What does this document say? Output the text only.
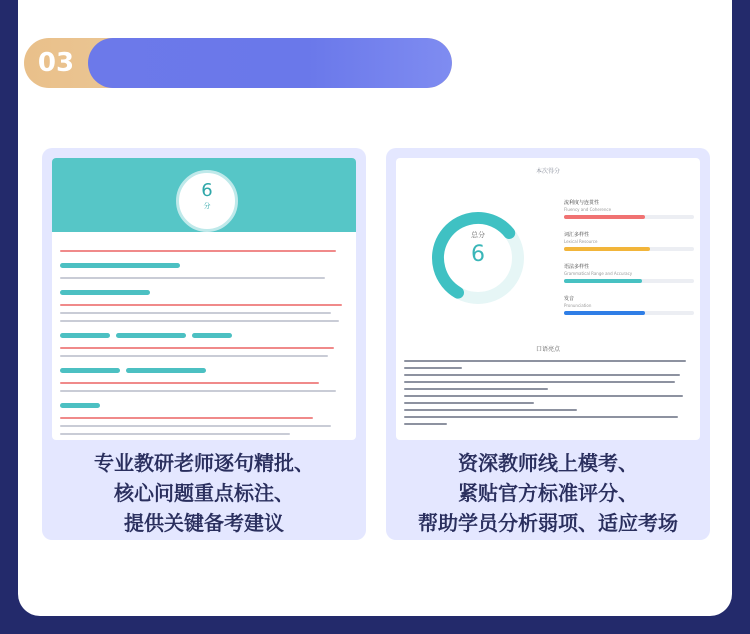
03
写作+口语 资深教师助力学
6
分
专业教研老师逐句精批、
核心问题重点标注、
提供关键备考建议
本次得分
总分
6
流利度与连贯性
Fluency and Coherence
词汇多样性
Lexical Resource
语法多样性
Grammatical Range and Accuracy
发音
Pronunciation
口语亮点
资深教师线上模考、
紧贴官方标准评分、
帮助学员分析弱项、适应考场
